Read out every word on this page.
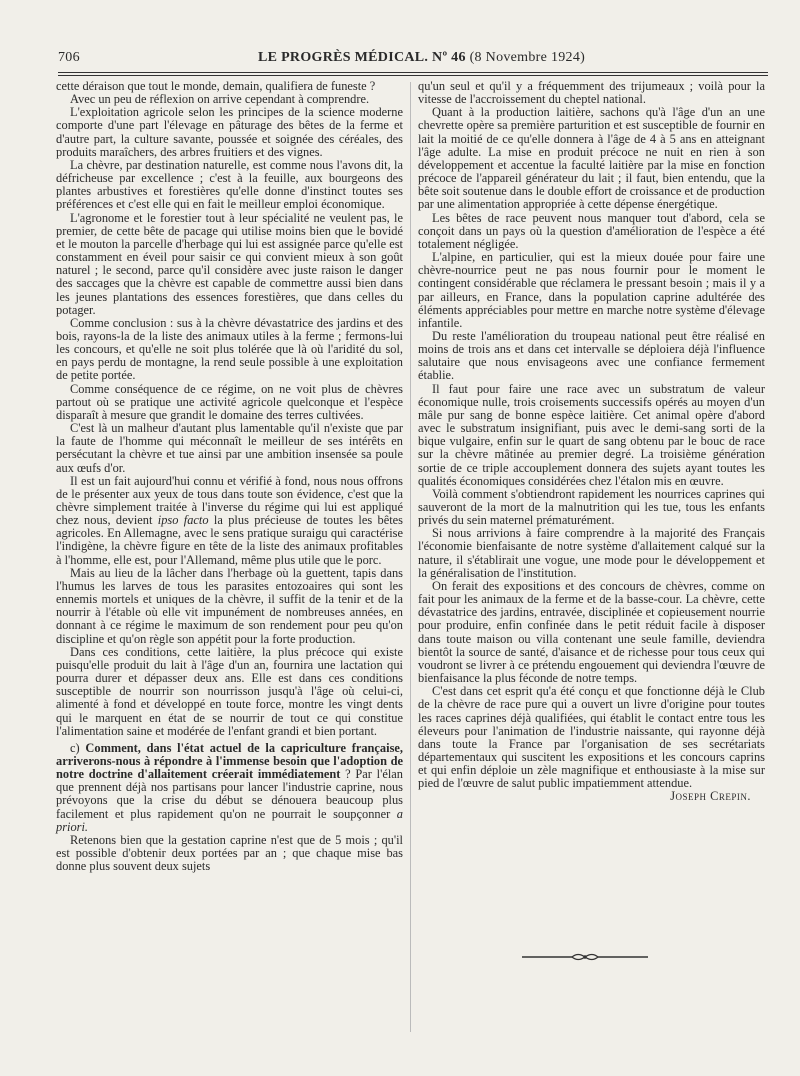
706	LE PROGRÈS MÉDICAL. Nº 46 (8 Novembre 1924)

cette déraison que tout le monde, demain, qualifiera de funeste ?

Avec un peu de réflexion on arrive cependant à comprendre.

L'exploitation agricole selon les principes de la science moderne comporte d'une part l'élevage en pâturage des bêtes de la ferme et d'autre part, la culture savante, poussée et soignée des céréales, des produits maraîchers, des arbres fruitiers et des vignes.

La chèvre, par destination naturelle, est comme nous l'avons dit, la défricheuse par excellence ; c'est à la feuille, aux bourgeons des plantes arbustives et forestières qu'elle donne d'instinct toutes ses préférences et c'est elle qui en fait le meilleur emploi économique.

L'agronome et le forestier tout à leur spécialité ne veulent pas, le premier, de cette bête de pacage qui utilise moins bien que le bovidé et le mouton la parcelle d'herbage qui lui est assignée parce qu'elle est constamment en éveil pour saisir ce qui convient mieux à son goût naturel ; le second, parce qu'il considère avec juste raison le danger des saccages que la chèvre est capable de commettre aussi bien dans les jeunes plantations des essences forestières, que dans celles du potager.

Comme conclusion : sus à la chèvre dévastatrice des jardins et des bois, rayons-la de la liste des animaux utiles à la ferme ; fermons-lui les concours, et qu'elle ne soit plus tolérée que là où l'aridité du sol, en pays perdu de montagne, la rend seule possible à une exploitation de petite portée.

Comme conséquence de ce régime, on ne voit plus de chèvres partout où se pratique une activité agricole quelconque et l'espèce disparaît à mesure que grandit le domaine des terres cultivées.

C'est là un malheur d'autant plus lamentable qu'il n'existe que par la faute de l'homme qui méconnaît le meilleur de ses intérêts en persécutant la chèvre et tue ainsi par une ambition insensée sa poule aux œufs d'or.

Il est un fait aujourd'hui connu et vérifié à fond, nous nous offrons de le présenter aux yeux de tous dans toute son évidence, c'est que la chèvre simplement traitée à l'inverse du régime qui lui est appliqué chez nous, devient ipso facto la plus précieuse de toutes les bêtes agricoles. En Allemagne, avec le sens pratique suraigu qui caractérise l'indigène, la chèvre figure en tête de la liste des animaux profitables à l'homme, elle est, pour l'Allemand, même plus utile que le porc.

Mais au lieu de la lâcher dans l'herbage où la guettent, tapis dans l'humus les larves de tous les parasites entozoaires qui sont les ennemis mortels et uniques de la chèvre, il suffit de la tenir et de la nourrir à l'étable où elle vit impunément de nombreuses années, en donnant à ce régime le maximum de son rendement pour peu qu'on discipline et qu'on règle son appétit pour la forte production.

Dans ces conditions, cette laitière, la plus précoce qui existe puisqu'elle produit du lait à l'âge d'un an, fournira une lactation qui pourra durer et dépasser deux ans. Elle est dans ces conditions susceptible de nourrir son nourrisson jusqu'à l'âge où celui-ci, alimenté à fond et développé en toute force, montre les vingt dents qui le marquent en état de se nourrir de tout ce qui constitue l'alimentation saine et modérée de l'enfant grandi et bien portant.

c) Comment, dans l'état actuel de la capriculture française, arriverons-nous à répondre à l'immense besoin que l'adoption de notre doctrine d'allaitement créerait immédiatement ? Par l'élan que prennent déjà nos partisans pour lancer l'industrie caprine, nous prévoyons que la crise du début se dénouera beaucoup plus facilement et plus rapidement qu'on ne pourrait le soupçonner a priori.

Retenons bien que la gestation caprine n'est que de 5 mois ; qu'il est possible d'obtenir deux portées par an ; que chaque mise bas donne plus souvent deux sujets

qu'un seul et qu'il y a fréquemment des trijumeaux ; voilà pour la vitesse de l'accroissement du cheptel national.

Quant à la production laitière, sachons qu'à l'âge d'un an une chevrette opère sa première parturition et est susceptible de fournir en lait la moitié de ce qu'elle donnera à l'âge de 4 à 5 ans en atteignant l'âge adulte. La mise en produit précoce ne nuit en rien à son développement et accentue la faculté laitière par la mise en fonction précoce de l'appareil générateur du lait ; il faut, bien entendu, que la bête soit soutenue dans le double effort de croissance et de production par une alimentation appropriée à cette dépense énergétique.

Les bêtes de race peuvent nous manquer tout d'abord, cela se conçoit dans un pays où la question d'amélioration de l'espèce a été totalement négligée.

L'alpine, en particulier, qui est la mieux douée pour faire une chèvre-nourrice peut ne pas nous fournir pour le moment le contingent considérable que réclamera le pressant besoin ; mais il y a par ailleurs, en France, dans la population caprine adultérée des éléments appréciables pour mettre en marche notre système d'élevage infantile.

Du reste l'amélioration du troupeau national peut être réalisé en moins de trois ans et dans cet intervalle se déploiera déjà l'influence salutaire que nous envisageons avec une confiance fermement établie.

Il faut pour faire une race avec un substratum de valeur économique nulle, trois croisements successifs opérés au moyen d'un mâle pur sang de bonne espèce laitière. Cet animal opère d'abord avec le substratum insignifiant, puis avec le demi-sang sorti de la bique vulgaire, enfin sur le quart de sang obtenu par le bouc de race sur la chèvre mâtinée au premier degré. La troisième génération sortie de ce triple accouplement donnera des sujets ayant toutes les qualités économiques considérées chez l'étalon mis en œuvre.

Voilà comment s'obtiendront rapidement les nourrices caprines qui sauveront de la mort de la malnutrition qui les tue, tous les enfants privés du sein maternel prématurément.

Si nous arrivions à faire comprendre à la majorité des Français l'économie bienfaisante de notre système d'allaitement calqué sur la nature, il s'établirait une vogue, une mode pour le développement et la généralisation de l'institution.

On ferait des expositions et des concours de chèvres, comme on fait pour les animaux de la ferme et de la basse-cour. La chèvre, cette dévastatrice des jardins, entravée, disciplinée et copieusement nourrie pour produire, enfin confinée dans le petit réduit facile à disposer dans toute maison ou villa contenant une seule famille, deviendra bientôt la source de santé, d'aisance et de richesse pour tous ceux qui voudront se livrer à ce prétendu engouement qui deviendra l'œuvre de bienfaisance la plus féconde de notre temps.

C'est dans cet esprit qu'a été conçu et que fonctionne déjà le Club de la chèvre de race pure qui a ouvert un livre d'origine pour toutes les races caprines déjà qualifiées, qui établit le contact entre tous les éleveurs pour l'animation de l'industrie naissante, qui rayonne déjà dans toute la France par l'organisation de ses secrétariats départementaux qui suscitent les expositions et les concours caprins et qui enfin déploie un zèle magnifique et enthousiaste à la mise sur pied de l'œuvre de salut public impatiemment attendue.

Joseph Crepin.
